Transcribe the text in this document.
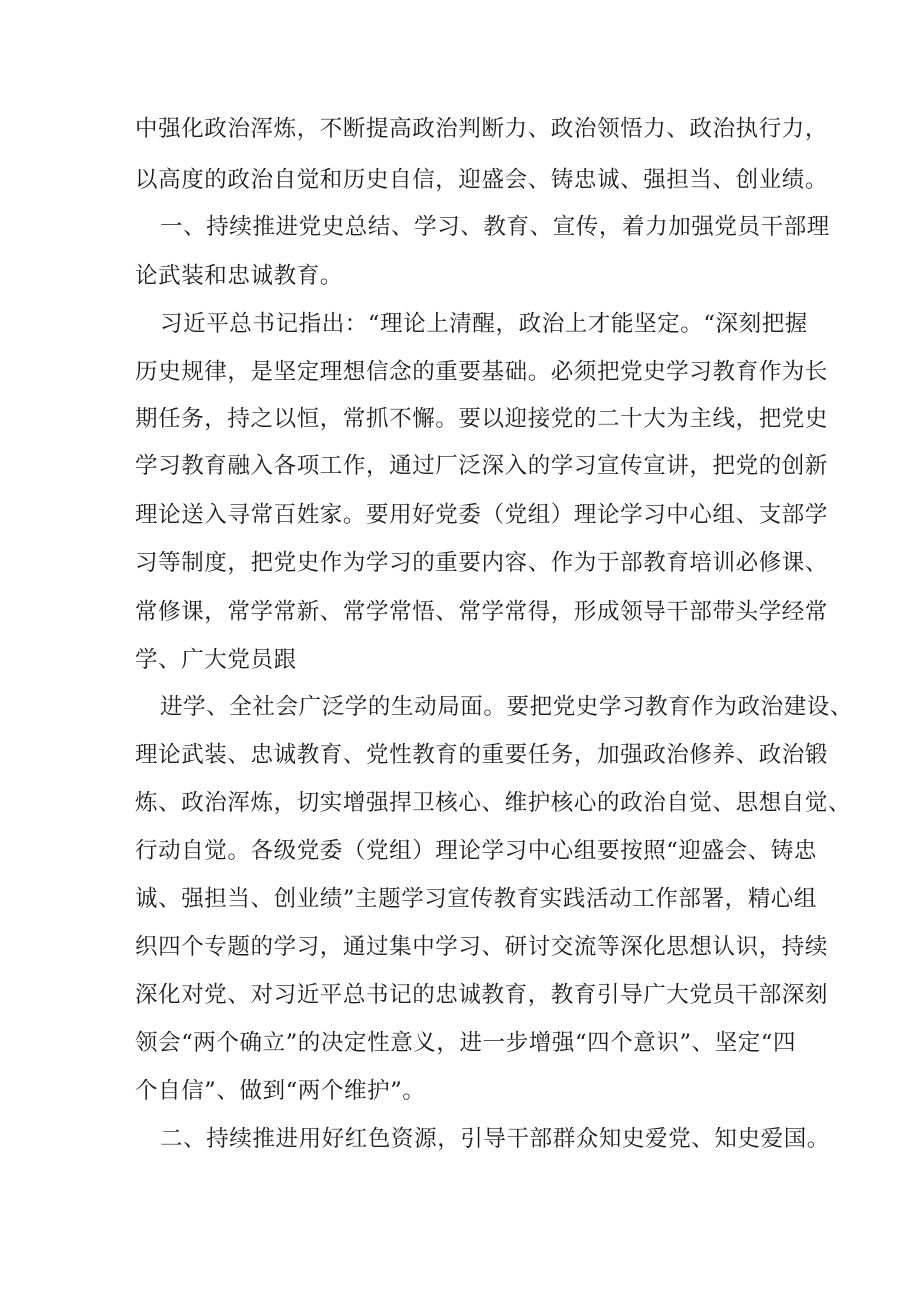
中强化政治浑炼，不断提高政治判断力、政治领悟力、政治执行力，
以高度的政治自觉和历史自信，迎盛会、铸忠诚、强担当、创业绩。
一、持续推进党史总结、学习、教育、宣传，着力加强党员干部理
论武装和忠诚教育。
习近平总书记指出：“理论上清醒，政治上才能坚定。“深刻把握
历史规律，是坚定理想信念的重要基础。必须把党史学习教育作为长
期任务，持之以恒，常抓不懈。要以迎接党的二十大为主线，把党史
学习教育融入各项工作，通过厂泛深入的学习宣传宣讲，把党的创新
理论送入寻常百姓家。要用好党委（党组）理论学习中心组、支部学
习等制度，把党史作为学习的重要内容、作为于部教育培训必修课、
常修课，常学常新、常学常悟、常学常得，形成领导干部带头学经常
学、广大党员跟
进学、全社会广泛学的生动局面。要把党史学习教育作为政治建设、
理论武装、忠诚教育、党性教育的重要任务，加强政治修养、政治锻
炼、政治浑炼，切实增强捍卫核心、维护核心的政治自觉、思想自觉、
行动自觉。各级党委（党组）理论学习中心组要按照“迎盛会、铸忠
诚、强担当、创业绩”主题学习宣传教育实践活动工作部署，精心组
织四个专题的学习，通过集中学习、研讨交流等深化思想认识，持续
深化对党、对习近平总书记的忠诚教育，教育引导广大党员干部深刻
领会“两个确立”的决定性意义，进一步增强“四个意识”、坚定“四
个自信”、做到“两个维护”。
二、持续推进用好红色资源，引导干部群众知史爱党、知史爱国。
